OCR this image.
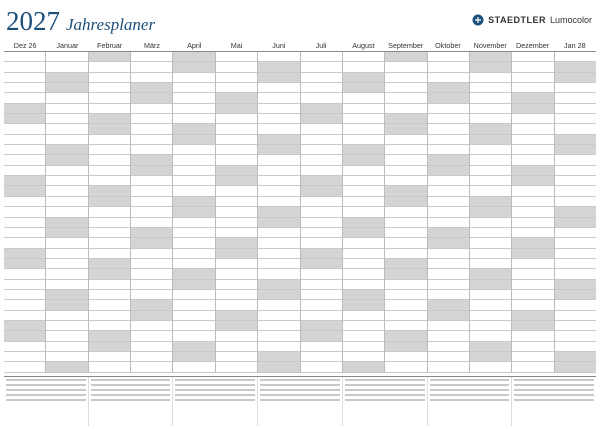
2027 Jahresplaner	STAEDTLER Lumocolor
Dez 26	Januar	Februar	März	April	Mai	Juni	Juli	August	September	Oktober	November	Dezember	Jan 28
